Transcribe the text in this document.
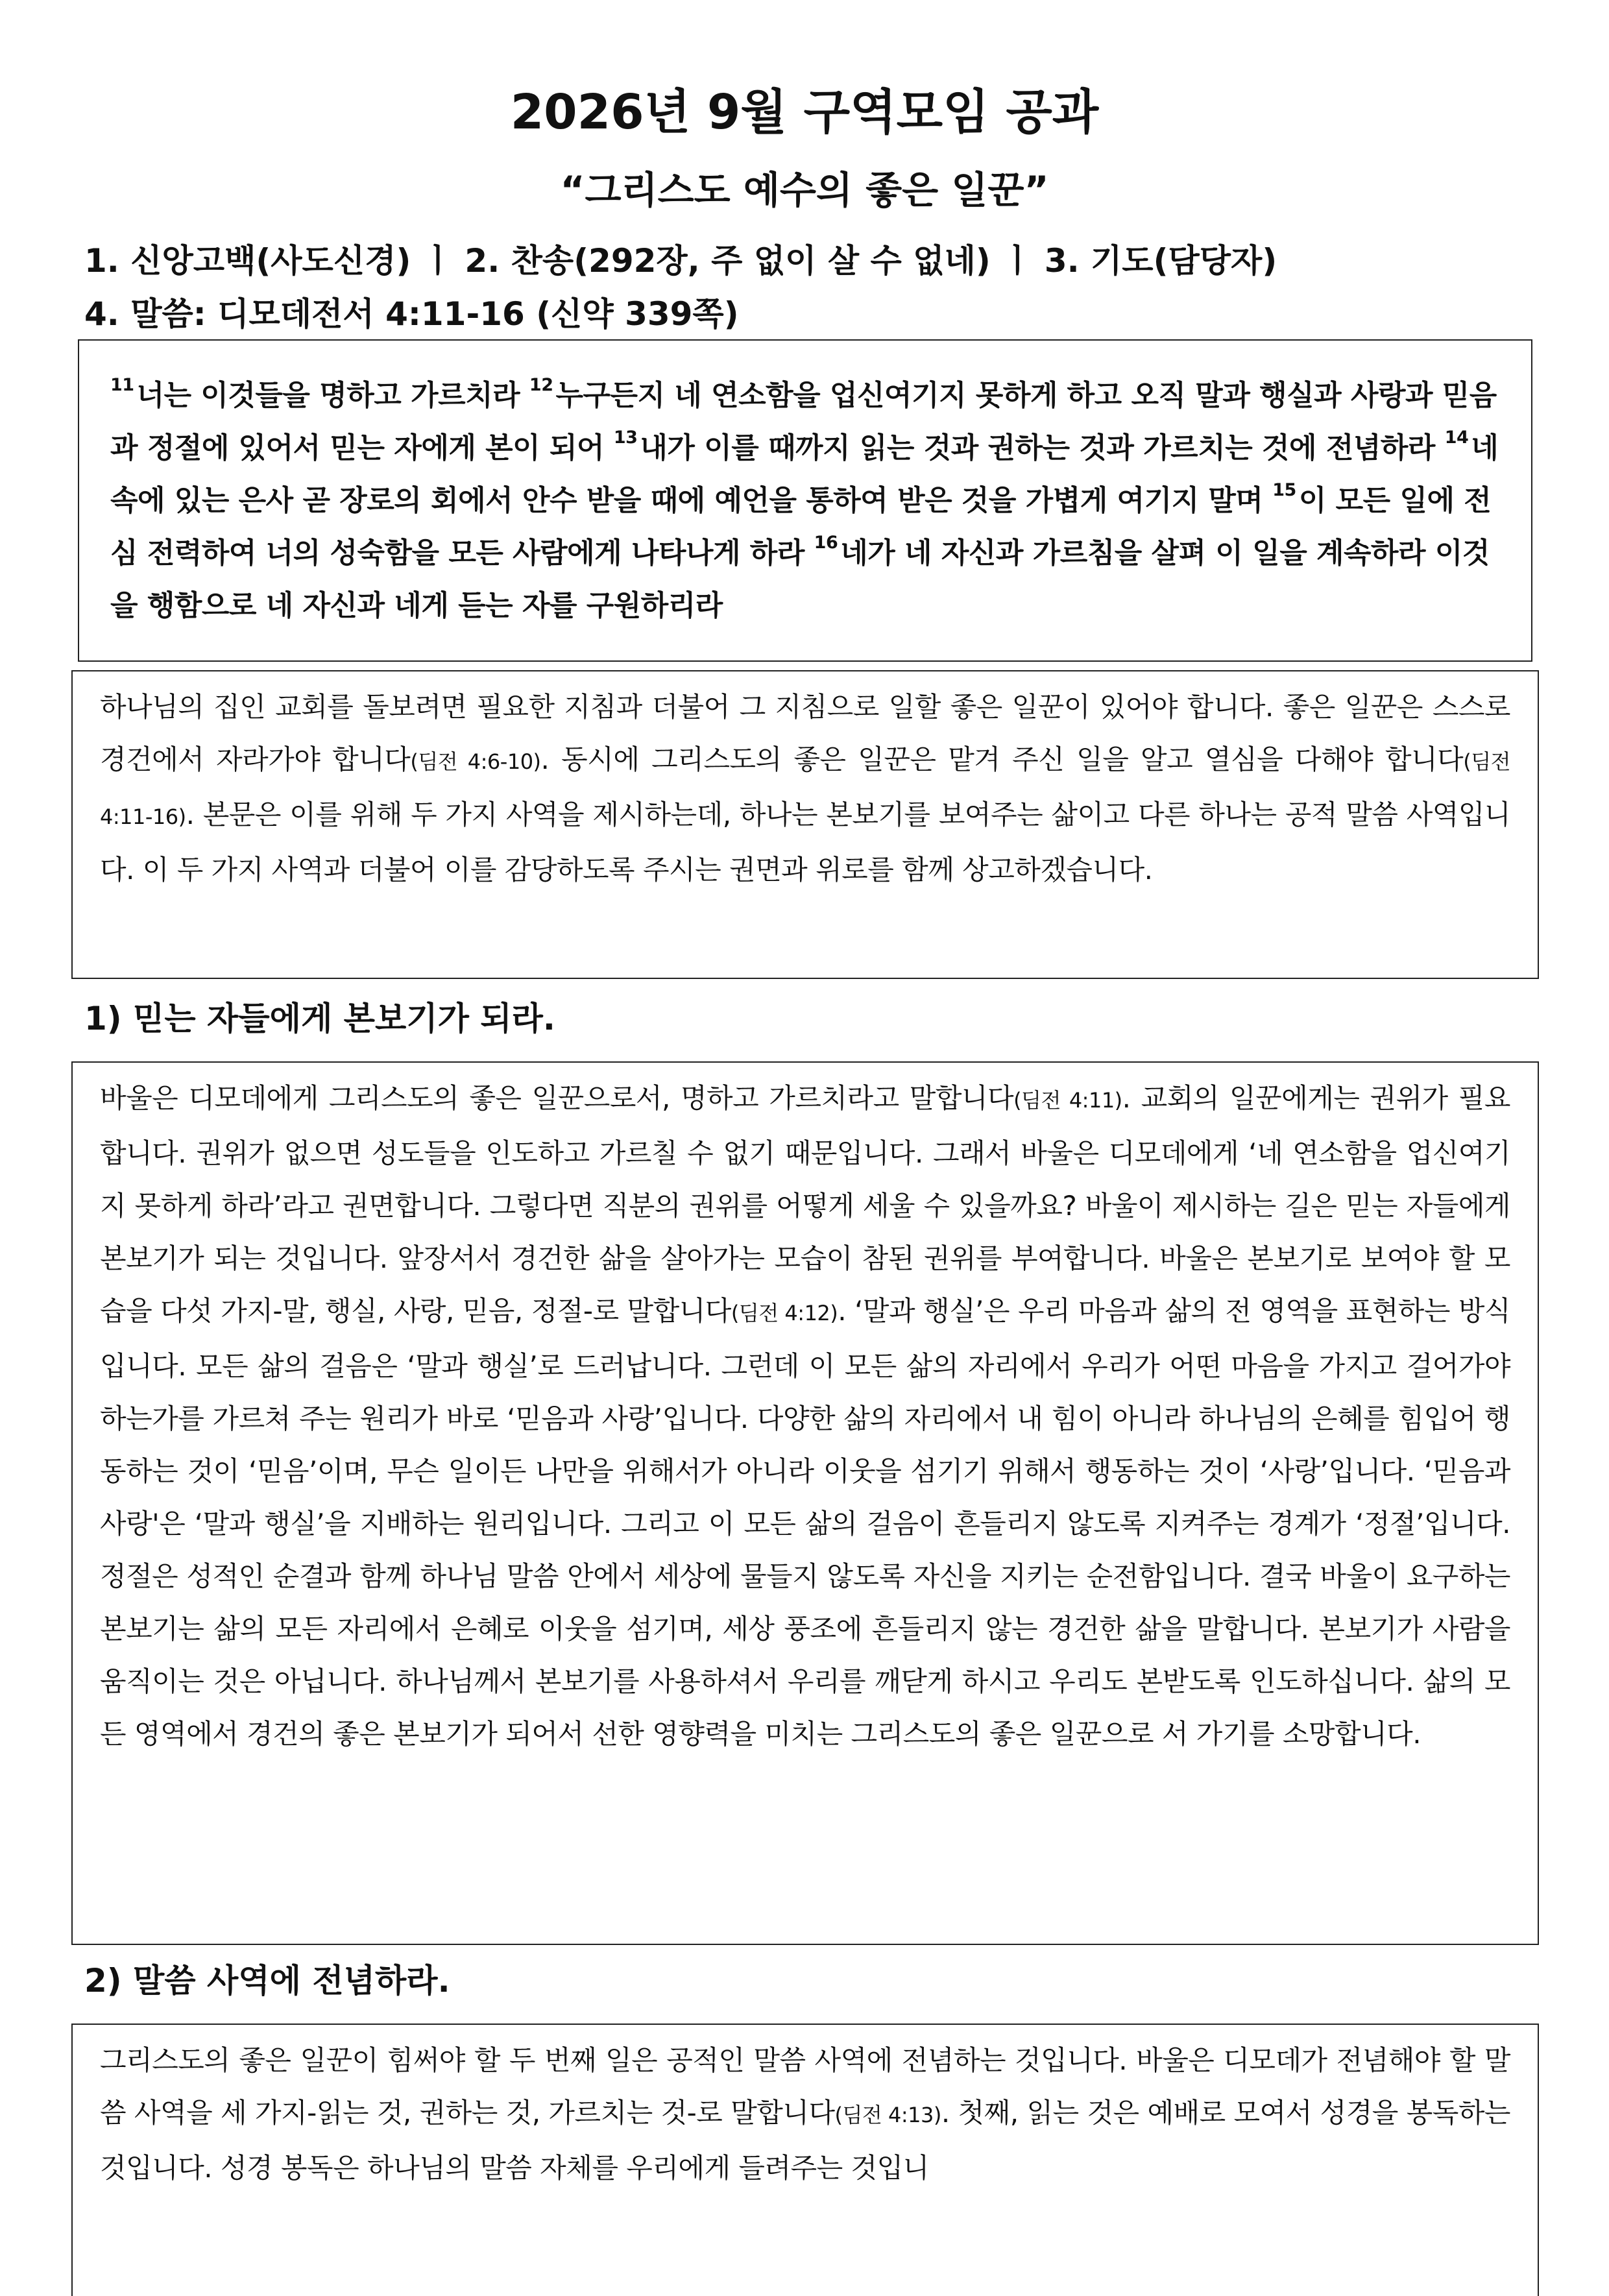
2026년 9월 구역모임 공과
“그리스도 예수의 좋은 일꾼”
1. 신앙고백(사도신경) ㅣ 2. 찬송(292장, 주 없이 살 수 없네) ㅣ 3. 기도(담당자)
4. 말씀: 디모데전서 4:11-16 (신약 339쪽)
$^{11}$너는 이것들을 명하고 가르치라 $^{12}$누구든지 네 연소함을 업신여기지 못하게 하고 오직 말과 행실과 사랑과 믿음과 정절에 있어서 믿는 자에게 본이 되어 $^{13}$내가 이를 때까지 읽는 것과 권하는 것과 가르치는 것에 전념하라 $^{14}$네 속에 있는 은사 곧 장로의 회에서 안수 받을 때에 예언을 통하여 받은 것을 가볍게 여기지 말며 $^{15}$이 모든 일에 전심 전력하여 너의 성숙함을 모든 사람에게 나타나게 하라 $^{16}$네가 네 자신과 가르침을 살펴 이 일을 계속하라 이것을 행함으로 네 자신과 네게 듣는 자를 구원하리라

하나님의 집인 교회를 돌보려면 필요한 지침과 더불어 그 지침으로 일할 좋은 일꾼이 있어야 합니다. 좋은 일꾼은 스스로 경건에서 자라가야 합니다(딤전 4:6-10). 동시에 그리스도의 좋은 일꾼은 맡겨 주신 일을 알고 열심을 다해야 합니다(딤전 4:11-16). 본문은 이를 위해 두 가지 사역을 제시하는데, 하나는 본보기를 보여주는 삶이고 다른 하나는 공적 말씀 사역입니다. 이 두 가지 사역과 더불어 이를 감당하도록 주시는 권면과 위로를 함께 상고하겠습니다.

1) 믿는 자들에게 본보기가 되라.

바울은 디모데에게 그리스도의 좋은 일꾼으로서, 명하고 가르치라고 말합니다(딤전 4:11). 교회의 일꾼에게는 권위가 필요합니다. 권위가 없으면 성도들을 인도하고 가르칠 수 없기 때문입니다. 그래서 바울은 디모데에게 ‘네 연소함을 업신여기지 못하게 하라’라고 권면합니다. 그렇다면 직분의 권위를 어떻게 세울 수 있을까요? 바울이 제시하는 길은 믿는 자들에게 본보기가 되는 것입니다. 앞장서서 경건한 삶을 살아가는 모습이 참된 권위를 부여합니다. 바울은 본보기로 보여야 할 모습을 다섯 가지-말, 행실, 사랑, 믿음, 정절-로 말합니다(딤전 4:12). ‘말과 행실’은 우리 마음과 삶의 전 영역을 표현하는 방식입니다. 모든 삶의 걸음은 ‘말과 행실’로 드러납니다. 그런데 이 모든 삶의 자리에서 우리가 어떤 마음을 가지고 걸어가야 하는가를 가르쳐 주는 원리가 바로 ‘믿음과 사랑’입니다. 다양한 삶의 자리에서 내 힘이 아니라 하나님의 은혜를 힘입어 행동하는 것이 ‘믿음’이며, 무슨 일이든 나만을 위해서가 아니라 이웃을 섬기기 위해서 행동하는 것이 ‘사랑’입니다. ‘믿음과 사랑'은 ‘말과 행실’을 지배하는 원리입니다. 그리고 이 모든 삶의 걸음이 흔들리지 않도록 지켜주는 경계가 ‘정절’입니다. 정절은 성적인 순결과 함께 하나님 말씀 안에서 세상에 물들지 않도록 자신을 지키는 순전함입니다. 결국 바울이 요구하는 본보기는 삶의 모든 자리에서 은혜로 이웃을 섬기며, 세상 풍조에 흔들리지 않는 경건한 삶을 말합니다. 본보기가 사람을 움직이는 것은 아닙니다. 하나님께서 본보기를 사용하셔서 우리를 깨닫게 하시고 우리도 본받도록 인도하십니다. 삶의 모든 영역에서 경건의 좋은 본보기가 되어서 선한 영향력을 미치는 그리스도의 좋은 일꾼으로 서 가기를 소망합니다.

2) 말씀 사역에 전념하라.

그리스도의 좋은 일꾼이 힘써야 할 두 번째 일은 공적인 말씀 사역에 전념하는 것입니다. 바울은 디모데가 전념해야 할 말씀 사역을 세 가지-읽는 것, 권하는 것, 가르치는 것-로 말합니다(딤전 4:13). 첫째, 읽는 것은 예배로 모여서 성경을 봉독하는 것입니다. 성경 봉독은 하나님의 말씀 자체를 우리에게 들려주는 것입니
